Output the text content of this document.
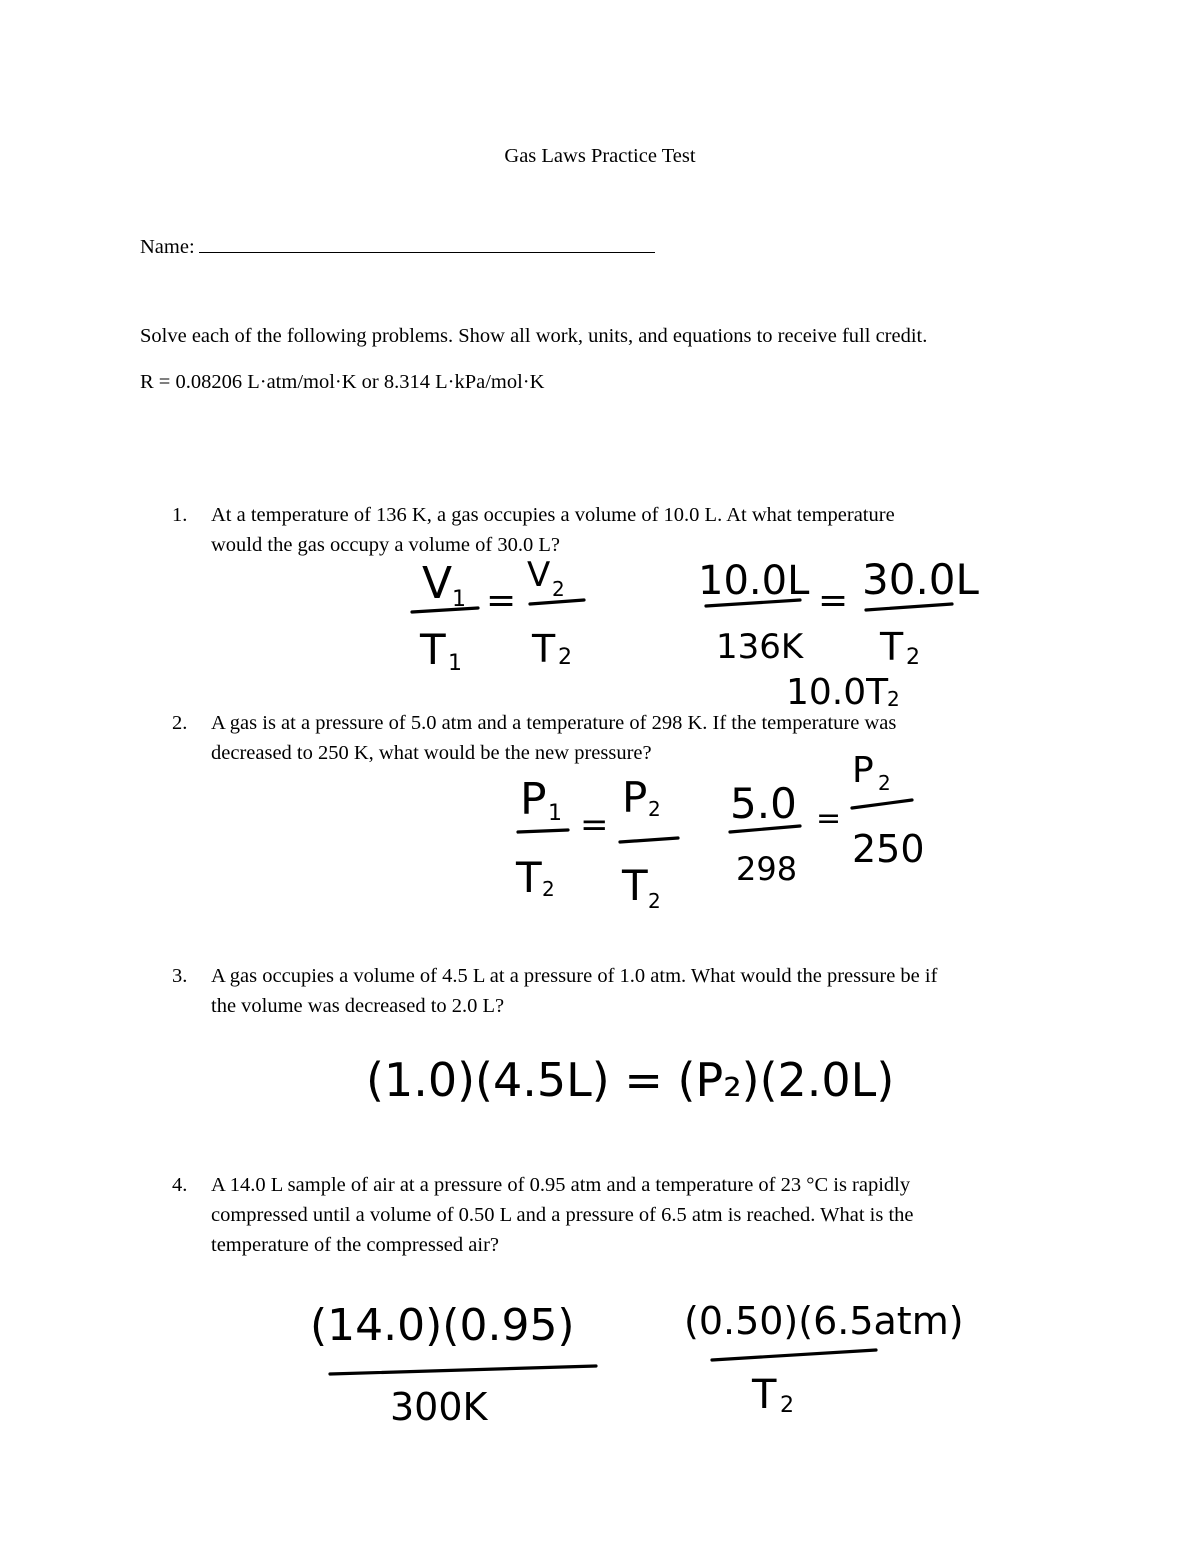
Gas Laws Practice Test
Name:
Solve each of the following problems. Show all work, units, and equations to receive full credit.
R = 0.08206 L·atm/mol·K or 8.314 L·kPa/mol·K
1. At a temperature of 136 K, a gas occupies a volume of 10.0 L. At what temperature
would the gas occupy a volume of 30.0 L?
2. A gas is at a pressure of 5.0 atm and a temperature of 298 K. If the temperature was
decreased to 250 K, what would be the new pressure?
3. A gas occupies a volume of 4.5 L at a pressure of 1.0 atm. What would the pressure be if
the volume was decreased to 2.0 L?
4. A 14.0 L sample of air at a pressure of 0.95 atm and a temperature of 23 °C is rapidly
compressed until a volume of 0.50 L and a pressure of 6.5 atm is reached. What is the
temperature of the compressed air?
V 1
T 1
=
V 2
T 2
10.0L
136K
= 30.0L
T 2
10.0T
2
P 1
T 2
=
P 2
T 2
5.0
298
=
P 2
250
(1.0)(4.5L) = (P₂)(2.0L)
(14.0)(0.95)
300K
(0.50)(6.5atm)
T 2
